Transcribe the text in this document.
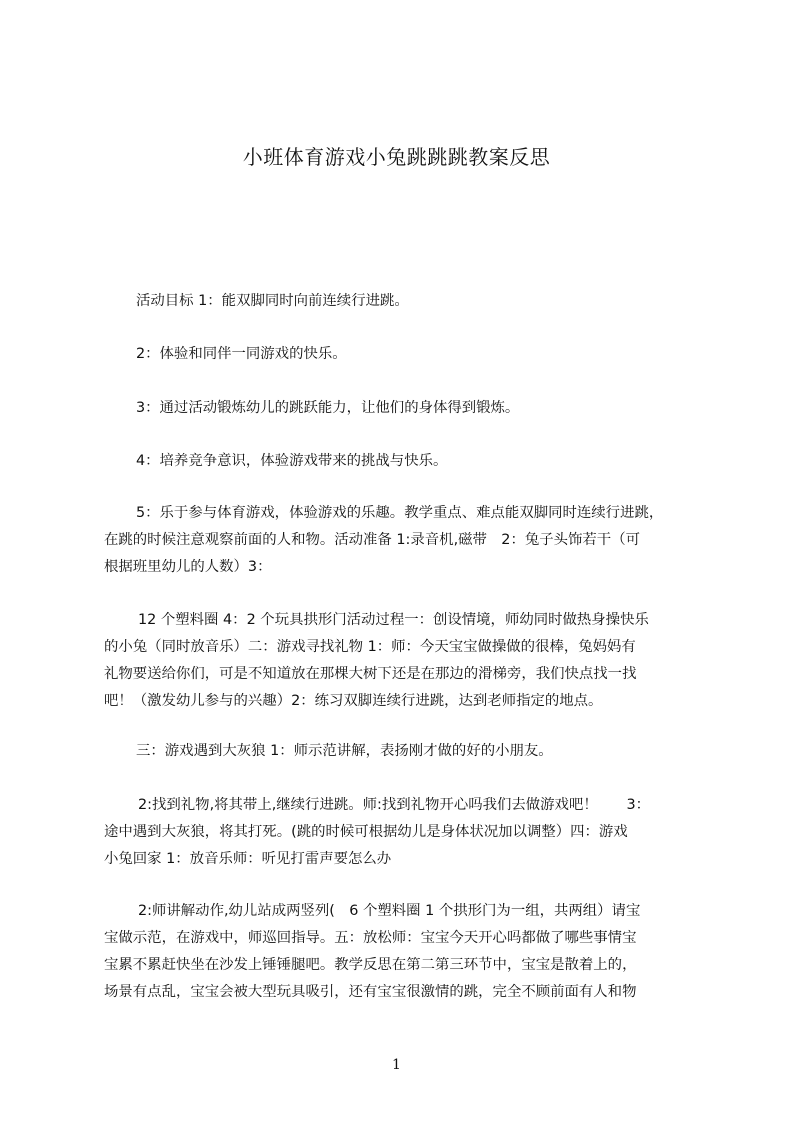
小班体育游戏小兔跳跳跳教案反思
活动目标 1：能双脚同时向前连续行进跳。
2：体验和同伴一同游戏的快乐。
3：通过活动锻炼幼儿的跳跃能力，让他们的身体得到锻炼。
4：培养竞争意识，体验游戏带来的挑战与快乐。
5：乐于参与体育游戏，体验游戏的乐趣。教学重点、难点能双脚同时连续行进跳，
在跳的时候注意观察前面的人和物。活动准备 1:录音机,磁带　2：兔子头饰若干（可
根据班里幼儿的人数）3：
12 个塑料圈 4：2 个玩具拱形门活动过程一：创设情境，师幼同时做热身操快乐
的小兔（同时放音乐）二：游戏寻找礼物 1：师：今天宝宝做操做的很棒，兔妈妈有
礼物要送给你们，可是不知道放在那棵大树下还是在那边的滑梯旁，我们快点找一找
吧！（激发幼儿参与的兴趣）2：练习双脚连续行进跳，达到老师指定的地点。
三：游戏遇到大灰狼 1：师示范讲解，表扬刚才做的好的小朋友。
2:找到礼物,将其带上,继续行进跳。师:找到礼物开心吗我们去做游戏吧！　　3：
途中遇到大灰狼，将其打死。(跳的时候可根据幼儿是身体状况加以调整）四：游戏
小兔回家 1：放音乐师：听见打雷声要怎么办
2:师讲解动作,幼儿站成两竖列(　6 个塑料圈 1 个拱形门为一组，共两组）请宝
宝做示范，在游戏中，师巡回指导。五：放松师：宝宝今天开心吗都做了哪些事情宝
宝累不累赶快坐在沙发上锤锤腿吧。教学反思在第二第三环节中，宝宝是散着上的，
场景有点乱，宝宝会被大型玩具吸引，还有宝宝很激情的跳，完全不顾前面有人和物
1
